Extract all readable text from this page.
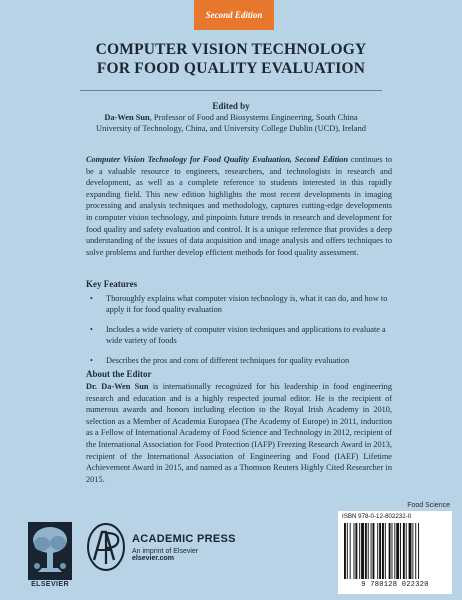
Second Edition
COMPUTER VISION TECHNOLOGY
FOR FOOD QUALITY EVALUATION
Edited by
Da-Wen Sun, Professor of Food and Biosystems Engineering, South China University of Technology, China, and University College Dublin (UCD), Ireland

Computer Vision Technology for Food Quality Evaluation, Second Edition continues to be a valuable resource to engineers, researchers, and technologists in research and development, as well as a complete reference to students interested in this rapidly expanding field. This new edition highlights the most recent developments in imaging processing and analysis techniques and methodology, captures cutting-edge developments in computer vision technology, and pinpoints future trends in research and development for food quality and safety evaluation and control. It is a unique reference that provides a deep understanding of the issues of data acquisition and image analysis and offers techniques to solve problems and further develop efficient methods for food quality assessment.

Key Features
• Thoroughly explains what computer vision technology is, what it can do, and how to apply it for food quality evaluation
• Includes a wide variety of computer vision techniques and applications to evaluate a wide variety of foods
• Describes the pros and cons of different techniques for quality evaluation
About the Editor

Dr. Da-Wen Sun is internationally recognized for his leadership in food engineering research and education and is a highly respected journal editor. He is the recipient of numerous awards and honors including election to the Royal Irish Academy in 2010, selection as a Member of Academia Europaea (The Academy of Europe) in 2011, induction as a Fellow of International Academy of Food Science and Technology in 2012, recipient of the International Association for Food Protection (IAFP) Freezing Research Award in 2013, recipient of the International Association of Engineering and Food (IAEF) Lifetime Achievement Award in 2015, and named as a Thomson Reuters Highly Cited Researcher in 2015.

Food Science
ISBN 978-0-12-802232-0
9 780128 022320
ELSEVIER
ACADEMIC PRESS
An imprint of Elsevier
elsevier.com
